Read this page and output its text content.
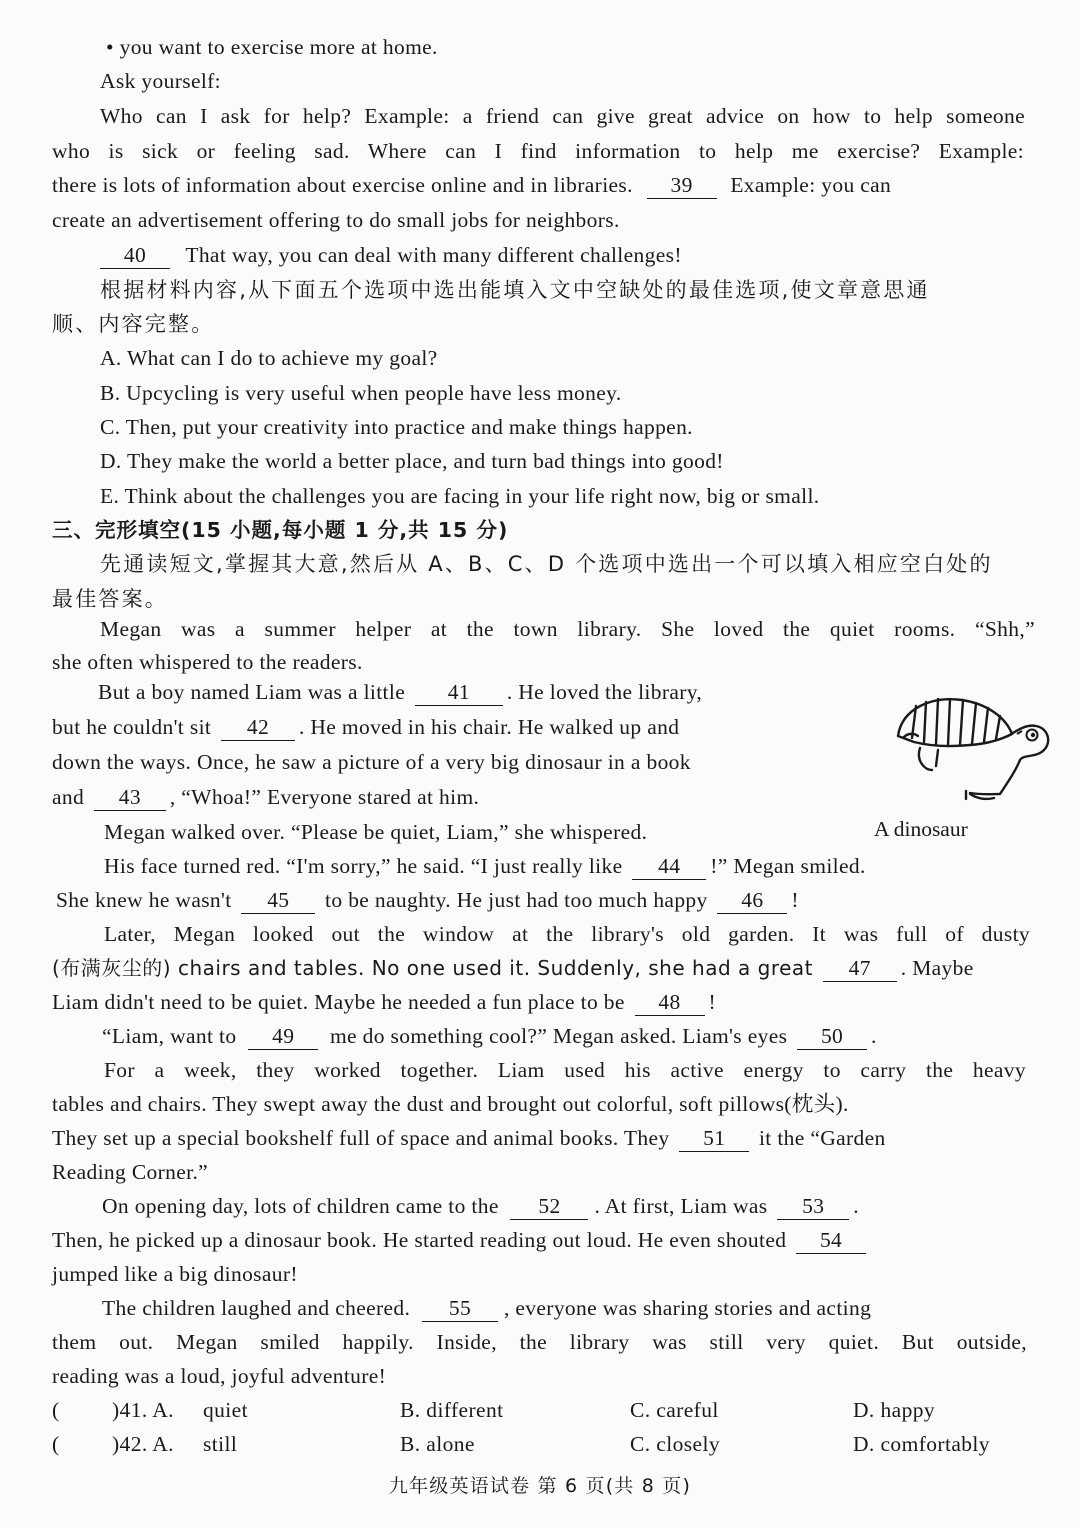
• you want to exercise more at home.
Ask yourself:
Who can I ask for help? Example: a friend can give great advice on how to help someone
who is sick or feeling sad. Where can I find information to help me exercise? Example:
there is lots of information about exercise online and in libraries. 39 Example: you can
create an advertisement offering to do small jobs for neighbors.
40 That way, you can deal with many different challenges!
根据材料内容,从下面五个选项中选出能填入文中空缺处的最佳选项,使文章意思通
顺、内容完整。
A. What can I do to achieve my goal?
B. Upcycling is very useful when people have less money.
C. Then, put your creativity into practice and make things happen.
D. They make the world a better place, and turn bad things into good!
E. Think about the challenges you are facing in your life right now, big or small.
三、完形填空(15 小题,每小题 1 分,共 15 分)
先通读短文,掌握其大意,然后从 A、B、C、D 个选项中选出一个可以填入相应空白处的
最佳答案。
Megan was a summer helper at the town library. She loved the quiet rooms. “Shh,”
she often whispered to the readers.
But a boy named Liam was a little 41 . He loved the library,
but he couldn't sit 42 . He moved in his chair. He walked up and
down the ways. Once, he saw a picture of a very big dinosaur in a book
and 43 , “Whoa!” Everyone stared at him.
A dinosaur
Megan walked over. “Please be quiet, Liam,” she whispered.
His face turned red. “I'm sorry,” he said. “I just really like 44 !” Megan smiled.
She knew he wasn't 45 to be naughty. He just had too much happy 46 !
Later, Megan looked out the window at the library's old garden. It was full of dusty
(布满灰尘的) chairs and tables. No one used it. Suddenly, she had a great 47 . Maybe
Liam didn't need to be quiet. Maybe he needed a fun place to be 48 !
“Liam, want to 49 me do something cool?” Megan asked. Liam's eyes 50 .
For a week, they worked together. Liam used his active energy to carry the heavy
tables and chairs. They swept away the dust and brought out colorful, soft pillows(枕头).
They set up a special bookshelf full of space and animal books. They 51 it the “Garden
Reading Corner.”
On opening day, lots of children came to the 52 . At first, Liam was 53 .
Then, he picked up a dinosaur book. He started reading out loud. He even shouted 54
jumped like a big dinosaur!
The children laughed and cheered. 55 , everyone was sharing stories and acting
them out. Megan smiled happily. Inside, the library was still very quiet. But outside,
reading was a loud, joyful adventure!
( )41. A. quiet	B. different	C. careful	D. happy
( )42. A. still	B. alone	C. closely	D. comfortably
九年级英语试卷 第 6 页(共 8 页)
